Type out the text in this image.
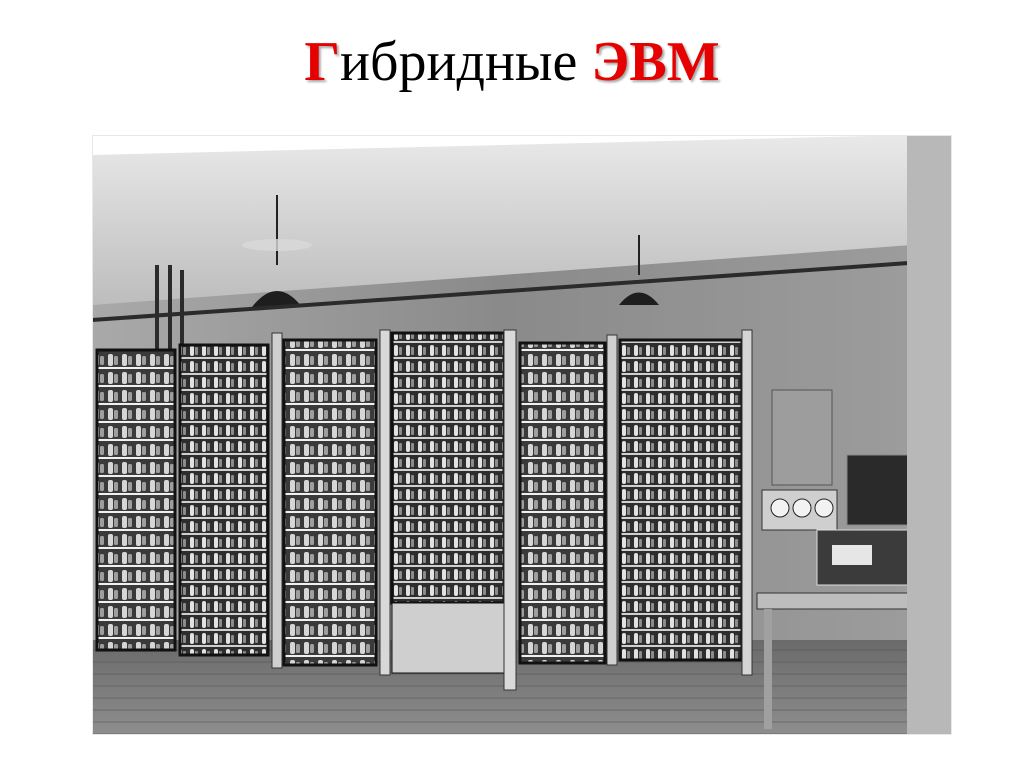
Гибридные ЭВМ
